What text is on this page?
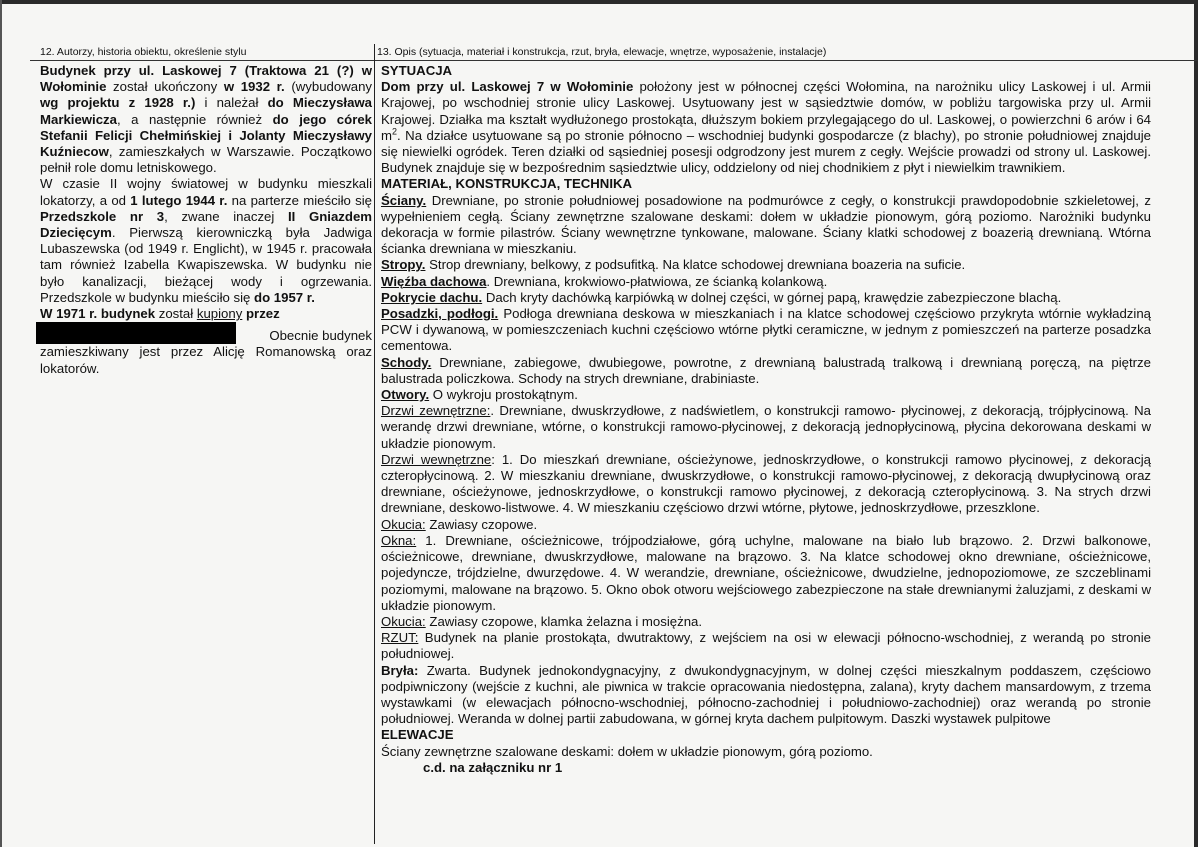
12. Autorzy, historia obiektu, określenie stylu	13. Opis (sytuacja, materiał i konstrukcja, rzut, bryła, elewacje, wnętrze, wyposażenie, instalacje)

Budynek przy ul. Laskowej 7 (Traktowa 21 (?) w Wołominie został ukończony w 1932 r. (wybudowany wg projektu z 1928 r.) i należał do Mieczysława Markiewicza, a następnie również do jego córek Stefanii Felicji Chełmińskiej i Jolanty Mieczysławy Kuźniecow, zamieszkałych w Warszawie. Początkowo pełnił role domu letniskowego.

W czasie II wojny światowej w budynku mieszkali lokatorzy, a od 1 lutego 1944 r. na parterze mieściło się Przedszkole nr 3, zwane inaczej II Gniazdem Dziecięcym. Pierwszą kierowniczką była Jadwiga Lubaszewska (od 1949 r. Englicht), w 1945 r. pracowała tam również Izabella Kwapiszewska. W budynku nie było kanalizacji, bieżącej wody i ogrzewania. Przedszkole w budynku mieściło się do 1957 r.

W 1971 r. budynek został kupiony przez

Obecnie budynek

zamieszkiwany jest przez Alicję Romanowską oraz lokatorów.

SYTUACJA

Dom przy ul. Laskowej 7 w Wołominie położony jest w północnej części Wołomina, na narożniku ulicy Laskowej i ul. Armii Krajowej, po wschodniej stronie ulicy Laskowej. Usytuowany jest w sąsiedztwie domów, w pobliżu targowiska przy ul. Armii Krajowej. Działka ma kształt wydłużonego prostokąta, dłuższym bokiem przylegającego do ul. Laskowej, o powierzchni 6 arów i 64 $m^2$. Na działce usytuowane są po stronie północno – wschodniej budynki gospodarcze (z blachy), po stronie południowej znajduje się niewielki ogródek. Teren działki od sąsiedniej posesji odgrodzony jest murem z cegły. Wejście prowadzi od strony ul. Laskowej. Budynek znajduje się w bezpośrednim sąsiedztwie ulicy, oddzielony od niej chodnikiem z płyt i niewielkim trawnikiem.

MATERIAŁ, KONSTRUKCJA, TECHNIKA

Ściany. Drewniane, po stronie południowej posadowione na podmurówce z cegły, o konstrukcji prawdopodobnie szkieletowej, z wypełnieniem cegłą. Ściany zewnętrzne szalowane deskami: dołem w układzie pionowym, górą poziomo. Narożniki budynku dekoracja w formie pilastrów. Ściany wewnętrzne tynkowane, malowane. Ściany klatki schodowej z boazerią drewnianą. Wtórna ścianka drewniana w mieszkaniu.

Stropy. Strop drewniany, belkowy, z podsufitką. Na klatce schodowej drewniana boazeria na suficie.

Więźba dachowa. Drewniana, krokwiowo-płatwiowa, ze ścianką kolankową.

Pokrycie dachu. Dach kryty dachówką karpiówką w dolnej części, w górnej papą, krawędzie zabezpieczone blachą.

Posadzki, podłogi. Podłoga drewniana deskowa w mieszkaniach i na klatce schodowej częściowo przykryta wtórnie wykładziną PCW i dywanową, w pomieszczeniach kuchni częściowo wtórne płytki ceramiczne, w jednym z pomieszczeń na parterze posadzka cementowa.

Schody. Drewniane, zabiegowe, dwubiegowe, powrotne, z drewnianą balustradą tralkową i drewnianą poręczą, na piętrze balustrada policzkowa. Schody na strych drewniane, drabiniaste.

Otwory. O wykroju prostokątnym.

Drzwi zewnętrzne:. Drewniane, dwuskrzydłowe, z nadświetlem, o konstrukcji ramowo- płycinowej, z dekoracją, trójpłycinową. Na werandę drzwi drewniane, wtórne, o konstrukcji ramowo-płycinowej, z dekoracją jednopłycinową, płycina dekorowana deskami w układzie pionowym.

Drzwi wewnętrzne: 1. Do mieszkań drewniane, ościeżynowe, jednoskrzydłowe, o konstrukcji ramowo płycinowej, z dekoracją czteropłycinową. 2. W mieszkaniu drewniane, dwuskrzydłowe, o konstrukcji ramowo-płycinowej, z dekoracją dwupłycinową oraz drewniane, ościeżynowe, jednoskrzydłowe, o konstrukcji ramowo płycinowej, z dekoracją czteropłycinową. 3. Na strych drzwi drewniane, deskowo-listwowe. 4. W mieszkaniu częściowo drzwi wtórne, płytowe, jednoskrzydłowe, przeszklone.

Okucia: Zawiasy czopowe.

Okna: 1. Drewniane, ościeżnicowe, trójpodziałowe, górą uchylne, malowane na biało lub brązowo. 2. Drzwi balkonowe, ościeżnicowe, drewniane, dwuskrzydłowe, malowane na brązowo. 3. Na klatce schodowej okno drewniane, ościeżnicowe, pojedyncze, trójdzielne, dwurzędowe. 4. W werandzie, drewniane, ościeżnicowe, dwudzielne, jednopoziomowe, ze szczeblinami poziomymi, malowane na brązowo. 5. Okno obok otworu wejściowego zabezpieczone na stałe drewnianymi żaluzjami, z deskami w układzie pionowym.

Okucia: Zawiasy czopowe, klamka żelazna i mosiężna.

RZUT: Budynek na planie prostokąta, dwutraktowy, z wejściem na osi w elewacji północno-wschodniej, z werandą po stronie południowej.

Bryła: Zwarta. Budynek jednokondygnacyjny, z dwukondygnacyjnym, w dolnej części mieszkalnym poddaszem, częściowo podpiwniczony (wejście z kuchni, ale piwnica w trakcie opracowania niedostępna, zalana), kryty dachem mansardowym, z trzema wystawkami (w elewacjach północno-wschodniej, północno-zachodniej i południowo-zachodniej) oraz werandą po stronie południowej. Weranda w dolnej partii zabudowana, w górnej kryta dachem pulpitowym. Daszki wystawek pulpitowe

ELEWACJE

Ściany zewnętrzne szalowane deskami: dołem w układzie pionowym, górą poziomo.

c.d. na załączniku nr 1
